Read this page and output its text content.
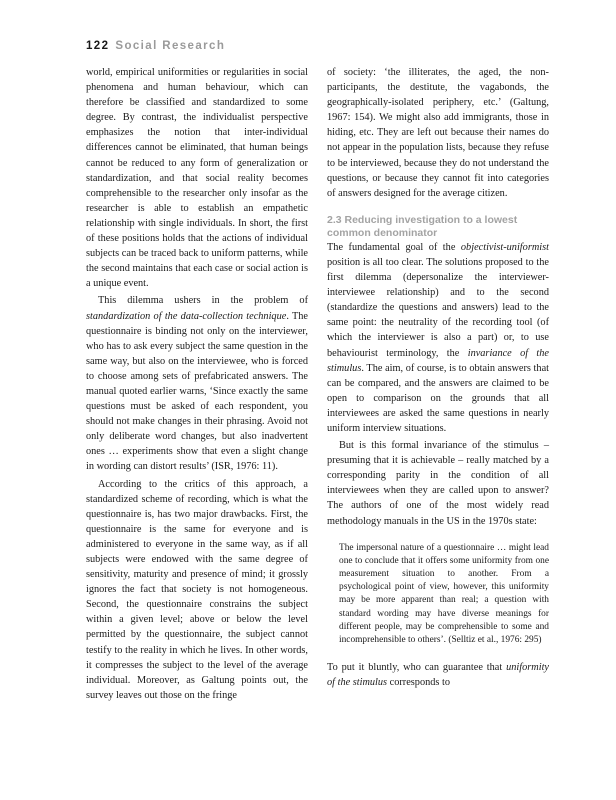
122 Social Research

world, empirical uniformities or regularities in social phenomena and human behaviour, which can therefore be classified and standardized to some degree. By contrast, the individualist perspective emphasizes the notion that inter-individual differences cannot be eliminated, that human beings cannot be reduced to any form of generalization or standardization, and that social reality becomes comprehensible to the researcher only insofar as the researcher is able to establish an empathetic relationship with single individuals. In short, the first of these positions holds that the actions of individual subjects can be traced back to uniform patterns, while the second maintains that each case or social action is a unique event.

This dilemma ushers in the problem of standardization of the data-collection technique. The questionnaire is binding not only on the interviewer, who has to ask every subject the same question in the same way, but also on the interviewee, who is forced to choose among sets of prefabricated answers. The manual quoted earlier warns, ‘Since exactly the same questions must be asked of each respondent, you should not make changes in their phrasing. Avoid not only deliberate word changes, but also inadvertent ones … experiments show that even a slight change in wording can distort results’ (ISR, 1976: 11).

According to the critics of this approach, a standardized scheme of recording, which is what the questionnaire is, has two major drawbacks. First, the questionnaire is the same for everyone and is administered to everyone in the same way, as if all subjects were endowed with the same degree of sensitivity, maturity and presence of mind; it grossly ignores the fact that society is not homogeneous. Second, the questionnaire constrains the subject within a given level; above or below the level permitted by the questionnaire, the subject cannot testify to the reality in which he lives. In other words, it compresses the subject to the level of the average individual. Moreover, as Galtung points out, the survey leaves out those on the fringe

of society: ‘the illiterates, the aged, the non-participants, the destitute, the vagabonds, the geographically-isolated periphery, etc.’ (Galtung, 1967: 154). We might also add immigrants, those in hiding, etc. They are left out because their names do not appear in the population lists, because they refuse to be interviewed, because they do not understand the questions, or because they cannot fit into categories of answers designed for the average citizen.

2.3 Reducing investigation to a lowest common denominator

The fundamental goal of the objectivist-uniformist position is all too clear. The solutions proposed to the first dilemma (depersonalize the interviewer-interviewee relationship) and to the second (standardize the questions and answers) lead to the same point: the neutrality of the recording tool (of which the interviewer is also a part) or, to use behaviourist terminology, the invariance of the stimulus. The aim, of course, is to obtain answers that can be compared, and the answers are claimed to be open to comparison on the grounds that all interviewees are asked the same questions in nearly uniform interview situations.

But is this formal invariance of the stimulus – presuming that it is achievable – really matched by a corresponding parity in the condition of all interviewees when they are called upon to answer? The authors of one of the most widely read methodology manuals in the US in the 1970s state:

The impersonal nature of a questionnaire … might lead one to conclude that it offers some uniformity from one measurement situation to another. From a psychological point of view, however, this uniformity may be more apparent than real; a question with standard wording may have diverse meanings for different people, may be comprehensible to some and incomprehensible to others’. (Selltiz et al., 1976: 295)

To put it bluntly, who can guarantee that uniformity of the stimulus corresponds to
